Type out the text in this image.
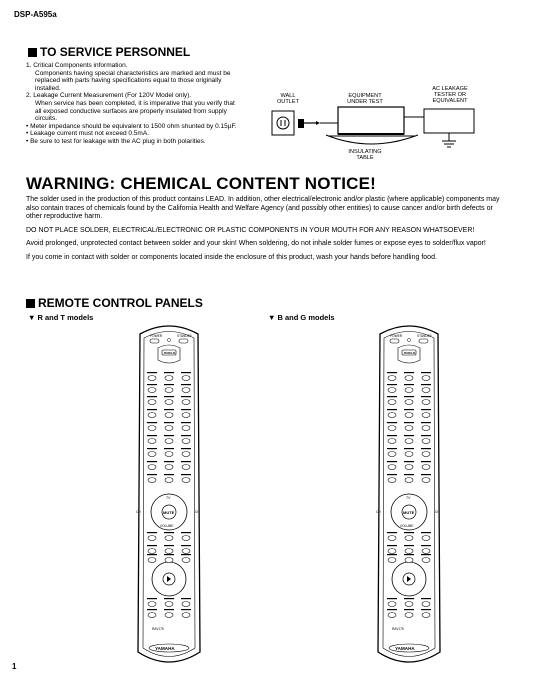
DSP-A595a
TO SERVICE PERSONNEL

1. Critical Components information.

Components having special characteristics are marked and must be

replaced with parts having specifications equal to those originally

installed.

2. Leakage Current Measurement (For 120V Model only).

When service has been completed, it is imperative that you verify that

all exposed conductive surfaces are properly insulated from supply

circuits.

• Meter impedance should be equivalent to 1500 ohm shunted by 0.15µF.

• Leakage current must not exceed 0.5mA.

• Be sure to test for leakage with the AC plug in both polarities.

WALL
OUTLET
EQUIPMENT
UNDER TEST
AC LEAKAGE
TESTER OR
EQUIVALENT
INSULATING
TABLE
WARNING: CHEMICAL CONTENT NOTICE!
The solder used in the production of this product contains LEAD. In addition, other electrical/electronic and/or plastic (where applicable) components may also contain traces of chemicals found by the California Health and Welfare Agency (and possibly other entities) to cause cancer and/or birth defects or other reproductive harm.
DO NOT PLACE SOLDER, ELECTRICAL/ELECTRONIC OR PLASTIC COMPONENTS IN YOUR MOUTH FOR ANY REASON WHATSOEVER!
Avoid prolonged, unprotected contact between solder and your skin! When soldering, do not inhale solder fumes or expose eyes to solder/flux vapor!
If you come in contact with solder or components located inside the enclosure of this product, wash your hands before handling food.
REMOTE CONTROL PANELS
▼ R and T models	▼ B and G models
POWER	STANDBY
DVD/LD
MUTE
VOLUME
TV
CH	CH
RAV175
YAMAHA
POWER	STANDBY
DVD/LD
MUTE
VOLUME
TV
CH	CH
RAV175
YAMAHA
1
